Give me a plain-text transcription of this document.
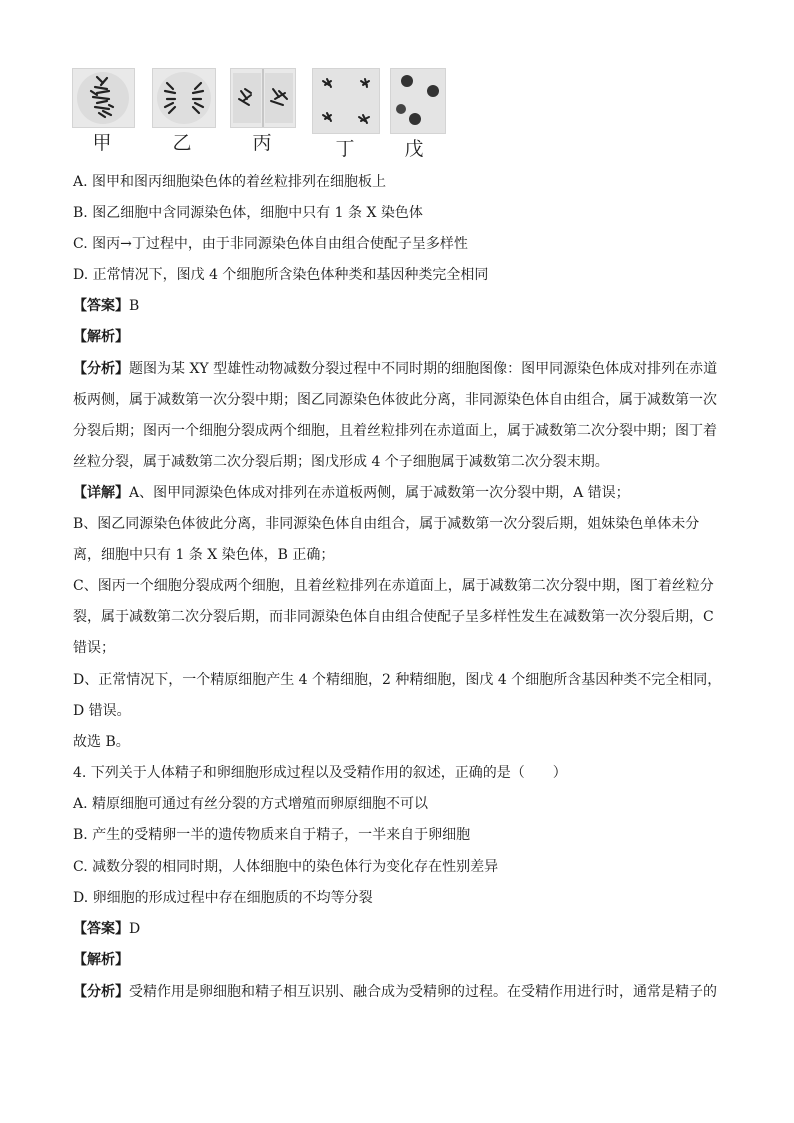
甲	乙	丙	丁	戊
A. 图甲和图丙细胞染色体的着丝粒排列在细胞板上
B. 图乙细胞中含同源染色体，细胞中只有 1 条 X 染色体
C. 图丙→丁过程中，由于非同源染色体自由组合使配子呈多样性
D. 正常情况下，图戊 4 个细胞所含染色体种类和基因种类完全相同
【答案】B
【解析】
【分析】题图为某 XY 型雄性动物减数分裂过程中不同时期的细胞图像：图甲同源染色体成对排列在赤道
板两侧，属于减数第一次分裂中期；图乙同源染色体彼此分离，非同源染色体自由组合，属于减数第一次
分裂后期；图丙一个细胞分裂成两个细胞，且着丝粒排列在赤道面上，属于减数第二次分裂中期；图丁着
丝粒分裂，属于减数第二次分裂后期；图戊形成 4 个子细胞属于减数第二次分裂末期。
【详解】A、图甲同源染色体成对排列在赤道板两侧，属于减数第一次分裂中期，A 错误；
B、图乙同源染色体彼此分离，非同源染色体自由组合，属于减数第一次分裂后期，姐妹染色单体未分
离，细胞中只有 1 条 X 染色体，B 正确；
C、图丙一个细胞分裂成两个细胞，且着丝粒排列在赤道面上，属于减数第二次分裂中期，图丁着丝粒分
裂，属于减数第二次分裂后期，而非同源染色体自由组合使配子呈多样性发生在减数第一次分裂后期，C
错误；
D、正常情况下，一个精原细胞产生 4 个精细胞，2 种精细胞，图戊 4 个细胞所含基因种类不完全相同，
D 错误。
故选 B。
4. 下列关于人体精子和卵细胞形成过程以及受精作用的叙述，正确的是（　　）
A. 精原细胞可通过有丝分裂的方式增殖而卵原细胞不可以
B. 产生的受精卵一半的遗传物质来自于精子，一半来自于卵细胞
C. 减数分裂的相同时期，人体细胞中的染色体行为变化存在性别差异
D. 卵细胞的形成过程中存在细胞质的不均等分裂
【答案】D
【解析】
【分析】受精作用是卵细胞和精子相互识别、融合成为受精卵的过程。在受精作用进行时，通常是精子的
